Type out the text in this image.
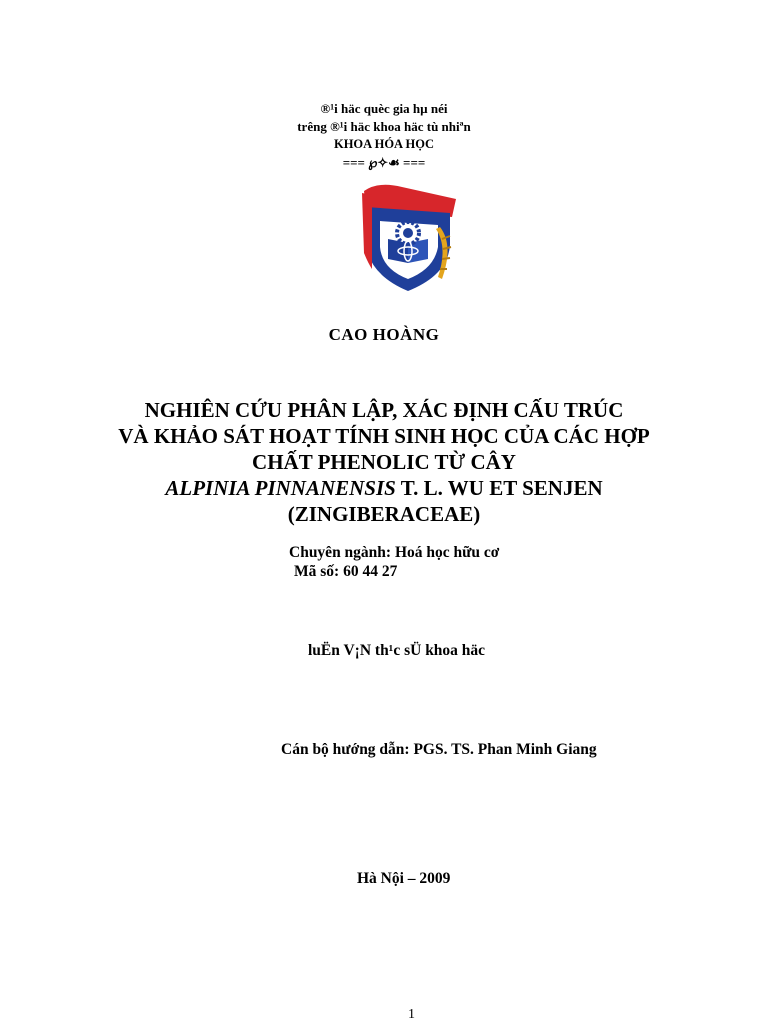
®¹i häc quèc gia hµ néi
trêng ®¹i häc khoa häc tù nhiªn
KHOA HÓA HỌC
=== ℘✧☙ ===
CAO HOÀNG
NGHIÊN CỨU PHÂN LẬP, XÁC ĐỊNH CẤU TRÚC
VÀ KHẢO SÁT HOẠT TÍNH SINH HỌC CỦA CÁC HỢP
CHẤT PHENOLIC TỪ CÂY
ALPINIA PINNANENSIS T. L. WU ET SENJEN
(ZINGIBERACEAE)
Chuyên ngành: Hoá học hữu cơ
Mã số: 60 44 27
luËn V¡N th¹c sÜ khoa häc
Cán bộ hướng dẫn: PGS. TS. Phan Minh Giang
Hà Nội – 2009
1
